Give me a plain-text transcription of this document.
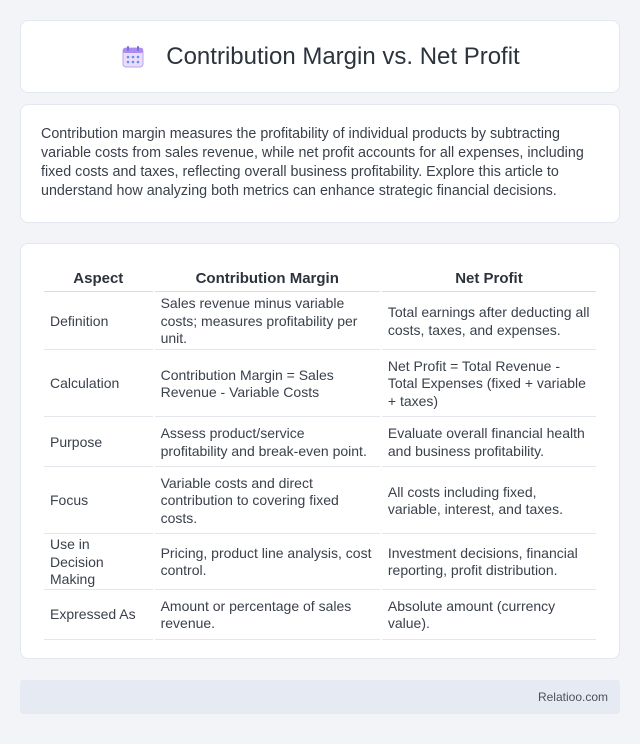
Contribution Margin vs. Net Profit

Contribution margin measures the profitability of individual products by subtracting variable costs from sales revenue, while net profit accounts for all expenses, including fixed costs and taxes, reflecting overall business profitability. Explore this article to understand how analyzing both metrics can enhance strategic financial decisions.

Aspect	Contribution Margin	Net Profit
Definition	Sales revenue minus variable costs; measures profitability per unit.	Total earnings after deducting all costs, taxes, and expenses.
Calculation	Contribution Margin = Sales Revenue - Variable Costs	Net Profit = Total Revenue - Total Expenses (fixed + variable + taxes)
Purpose	Assess product/service profitability and break-even point.	Evaluate overall financial health and business profitability.
Focus	Variable costs and direct contribution to covering fixed costs.	All costs including fixed, variable, interest, and taxes.
Use in Decision Making	Pricing, product line analysis, cost control.	Investment decisions, financial reporting, profit distribution.
Expressed As	Amount or percentage of sales revenue.	Absolute amount (currency value).
Relatioo.com
